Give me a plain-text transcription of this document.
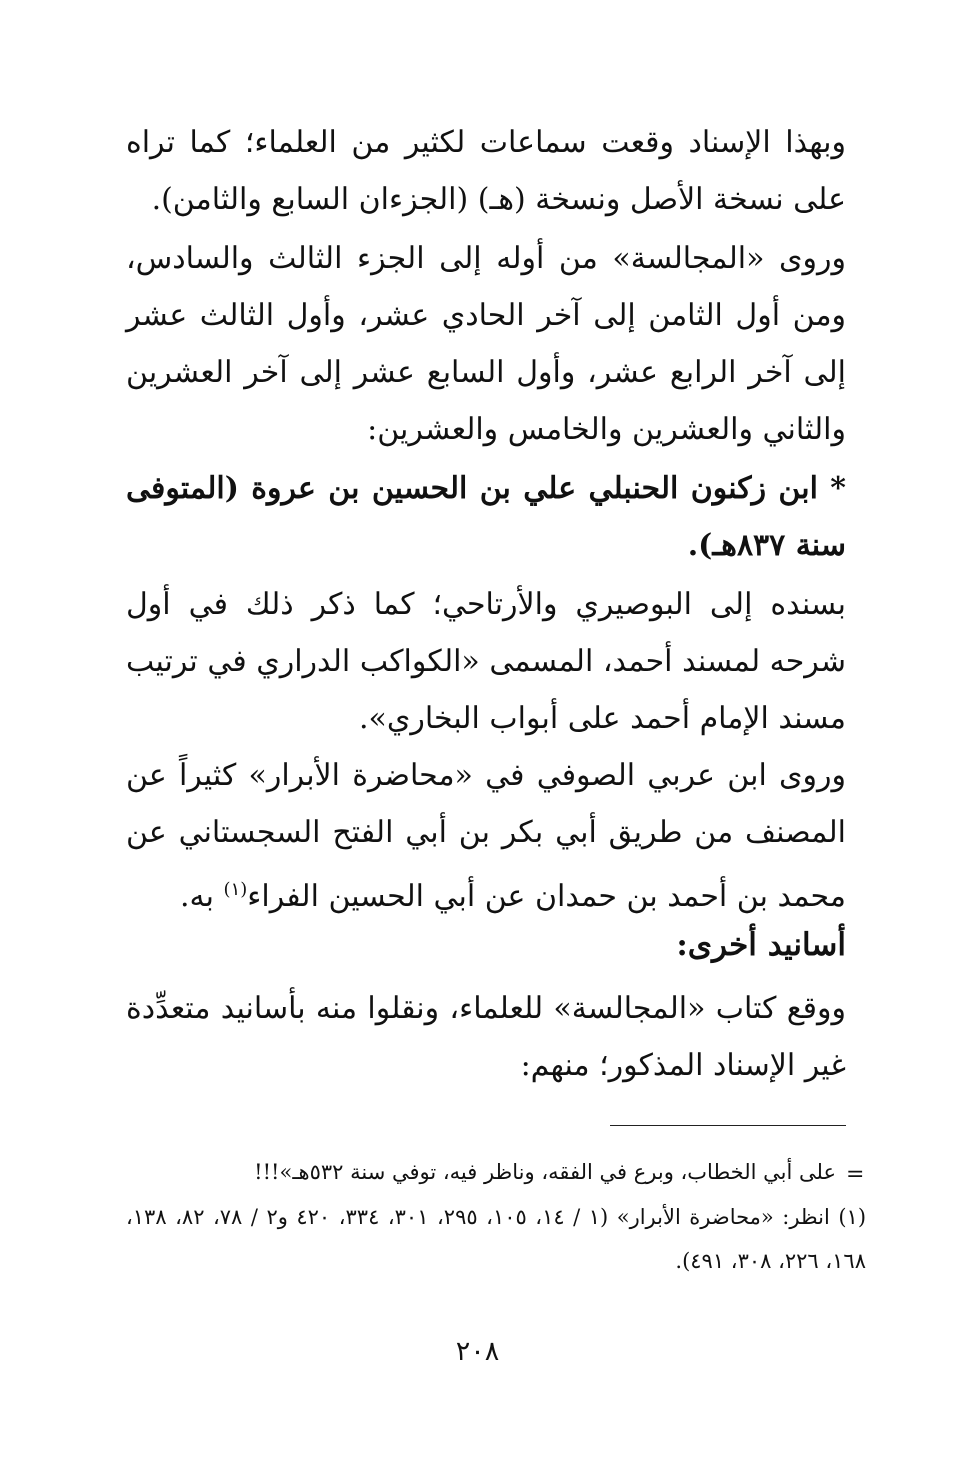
وبهذا الإسناد وقعت سماعات لكثير من العلماء؛ كما تراه على نسخة الأصل ونسخة (هـ) (الجزءان السابع والثامن).

وروى «المجالسة» من أوله إلى الجزء الثالث والسادس، ومن أول الثامن إلى آخر الحادي عشر، وأول الثالث عشر إلى آخر الرابع عشر، وأول السابع عشر إلى آخر العشرين والثاني والعشرين والخامس والعشرين:

* ابن زكنون الحنبلي علي بن الحسين بن عروة (المتوفى سنة ٨٣٧هـ).

بسنده إلى البوصيري والأرتاحي؛ كما ذكر ذلك في أول شرحه لمسند أحمد، المسمى «الكواكب الدراري في ترتيب مسند الإمام أحمد على أبواب البخاري».

وروى ابن عربي الصوفي في «محاضرة الأبرار» كثيراً عن المصنف من طريق أبي بكر بن أبي الفتح السجستاني عن محمد بن أحمد بن حمدان عن أبي الحسين الفراء$^{(١)}$ به.

أسانيد أخرى:

ووقع كتاب «المجالسة» للعلماء، ونقلوا منه بأسانيد متعدِّدة غير الإسناد المذكور؛ منهم:

=

على أبي الخطاب، وبرع في الفقه، وناظر فيه، توفي سنة ٥٣٢هـ»!!!

(١) انظر: «محاضرة الأبرار» (١ / ١٤، ١٠٥، ٢٩٥، ٣٠١، ٣٣٤، ٤٢٠ و٢ / ٧٨، ٨٢، ١٣٨، ١٦٨، ٢٢٦، ٣٠٨، ٤٩١).

٢٠٨
